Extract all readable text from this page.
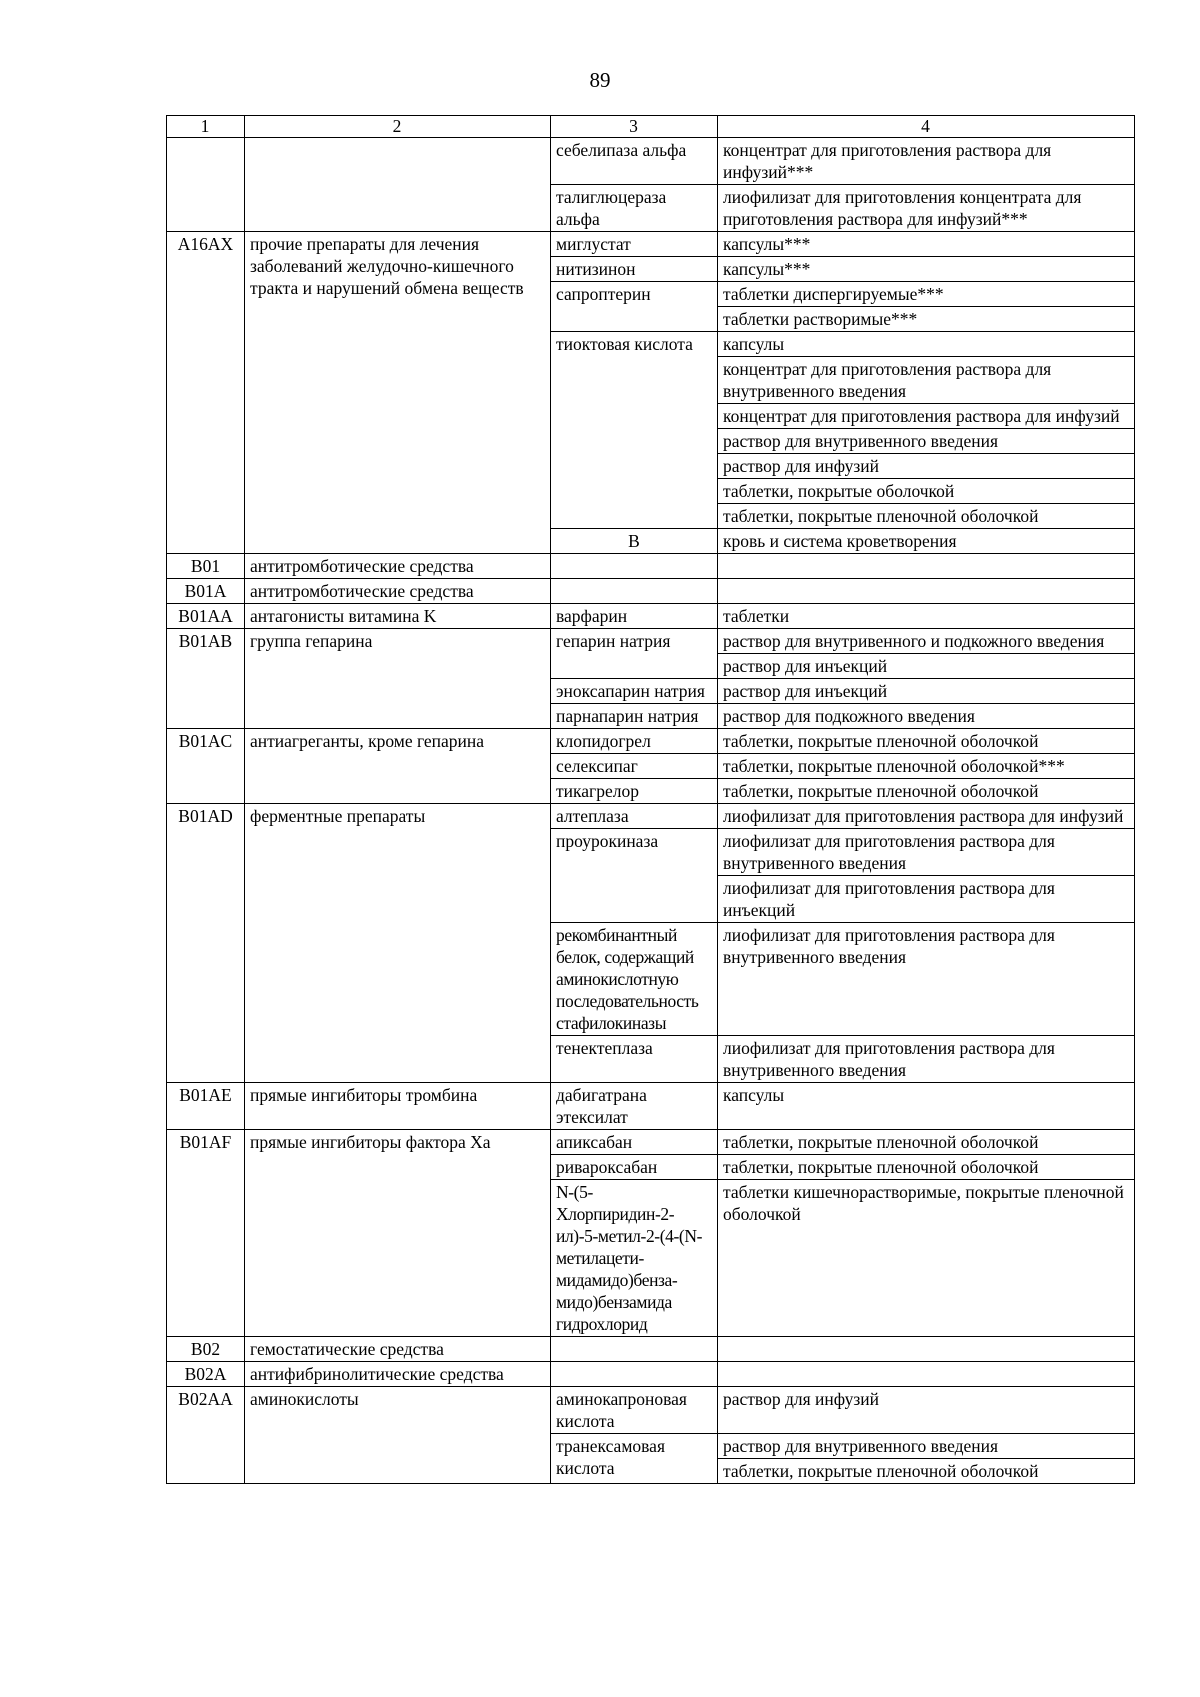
89
1	2	3	4	
		себелипаза альфа	концентрат для приготовления раствора для инфузий***	
		талиглюцераза альфа	лиофилизат для приготовления концентрата для приготовления раствора для инфузий***	
A16AX	прочие препараты для лечения заболеваний желудочно-кишечного тракта и нарушений обмена веществ	миглустат	капсулы***	
		нитизинон	капсулы***	
		сапроптерин	таблетки диспергируемые***	
			таблетки растворимые***	
		тиоктовая кислота	капсулы	
			концентрат для приготовления раствора для внутривенного введения	
			концентрат для приготовления раствора для инфузий	
			раствор для внутривенного введения	
			раствор для инфузий	
			таблетки, покрытые оболочкой	
			таблетки, покрытые пленочной оболочкой	
		B	кровь и система кроветворения		
B01	антитромботические средства			
B01A	антитромботические средства			
B01AA	антагонисты витамина K	варфарин	таблетки	
B01AB	группа гепарина	гепарин натрия	раствор для внутривенного и подкожного введения	
			раствор для инъекций	
		эноксапарин натрия	раствор для инъекций	
		парнапарин натрия	раствор для подкожного введения	
B01AC	антиагреганты, кроме гепарина	клопидогрел	таблетки, покрытые пленочной оболочкой	
		селексипаг	таблетки, покрытые пленочной оболочкой***	
		тикагрелор	таблетки, покрытые пленочной оболочкой	
B01AD	ферментные препараты	алтеплаза	лиофилизат для приготовления раствора для инфузий	
		проурокиназа	лиофилизат для приготовления раствора для внутривенного введения	
			лиофилизат для приготовления раствора для инъекций	
		рекомбинантный белок, содержащий аминокислотную последовательность стафилокиназы	лиофилизат для приготовления раствора для внутривенного введения	
		тенектеплаза	лиофилизат для приготовления раствора для внутривенного введения	
B01AE	прямые ингибиторы тромбина	дабигатрана этексилат	капсулы	
B01AF	прямые ингибиторы фактора Xa	апиксабан	таблетки, покрытые пленочной оболочкой	
		ривароксабан	таблетки, покрытые пленочной оболочкой	
		N-(5-Хлорпиридин-2-ил)-5-метил-2-(4-(N-метилацети-мидамидо)бенза-мидо)бензамида гидрохлорид	таблетки кишечнорастворимые, покрытые пленочной оболочкой	
B02	гемостатические средства			
B02A	антифибринолитические средства			
B02AA	аминокислоты	аминокапроновая кислота	раствор для инфузий	
		транексамовая кислота	раствор для внутривенного введения	
			таблетки, покрытые пленочной оболочкой	
